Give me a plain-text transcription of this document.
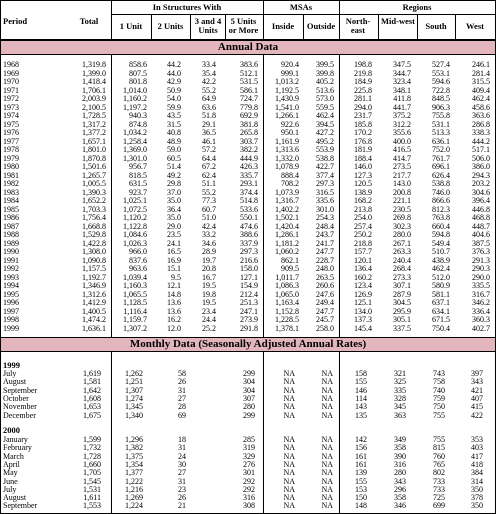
Period	Total
In Structures With
1 Unit	2 Units	3 and 4 Units
5 Units or More
MSAs
Inside	Outside
Regions
North-east
Mid-west	South	West
Annual Data
Monthly Data (Seasonally Adjusted Annual Rates)
1999
2000
1968	1,319.8	858.6	44.2	33.4	383.6	920.4	399.5	198.8	347.5	527.4	246.1
1969	1,399.0	807.5	44.0	35.4	512.1	999.1	399.8	219.8	344.7	553.1	281.4
1970	1,418.4	801.8	42.9	42.2	531.5	1,013.2	405.2	184.9	323.4	594.6	315.5
1971	1,706.1	1,014.0	50.9	55.2	586.1	1,192.5	513.6	225.8	348.1	722.8	409.4
1972	2,003.9	1,160.2	54.0	64.9	724.7	1,430.9	573.0	281.1	411.8	848.5	462.4
1973	2,100.5	1,197.2	59.9	63.6	779.8	1,541.0	559.5	294.0	441.7	906.3	458.6
1974	1,728.5	940.3	43.5	51.8	692.9	1,266.1	462.4	231.7	375.2	755.8	363.6
1975	1,317.2	874.8	31.5	29.1	381.8	922.6	394.5	185.8	312.2	531.1	286.8
1976	1,377.2	1,034.2	40.8	36.5	265.8	950.1	427.2	170.2	355.6	513.3	338.3
1977	1,657.1	1,258.4	48.9	46.1	303.7	1,161.9	495.2	176.8	400.0	636.1	444.2
1978	1,801.0	1,369.0	59.0	57.2	382.2	1,313.6	553.9	181.9	416.5	752.0	517.1
1979	1,870.8	1,301.0	60.5	64.4	444.9	1,332.0	538.8	188.4	414.7	761.7	506.0
1980	1,501.6	956.7	51.4	67.2	426.3	1,078.9	422.7	146.0	273.5	696.1	386.0
1981	1,265.7	818.5	49.2	62.4	335.7	888.4	377.4	127.3	217.7	626.4	294.3
1982	1,005.5	631.5	29.8	51.1	293.1	708.2	297.3	120.5	143.0	538.8	203.2
1983	1,390.3	923.7	37.0	55.2	374.4	1,073.9	316.5	138.9	200.8	746.0	304.6
1984	1,652.2	1,025.1	35.0	77.3	514.8	1,316.7	335.6	168.2	221.1	866.6	396.4
1985	1,703.3	1,072.5	36.4	60.7	533.6	1,402.2	301.0	213.8	230.5	812.3	446.8
1986	1,756.4	1,120.2	35.0	51.0	550.1	1,502.1	254.3	254.0	269.8	763.8	468.8
1987	1,668.8	1,122.8	29.0	42.4	474.6	1,420.4	248.4	257.4	302.3	660.4	448.7
1988	1,529.8	1,084.6	23.5	33.2	388.6	1,286.1	243.7	250.2	280.0	594.8	404.6
1989	1,422.8	1,026.3	24.1	34.6	337.9	1,181.2	241.7	218.8	267.1	549.4	387.5
1990	1,308.0	966.0	16.5	28.9	297.3	1,060.2	247.7	157.7	263.3	510.7	376.3
1991	1,090.8	837.6	16.9	19.7	216.6	862.1	228.7	120.1	240.4	438.9	291.3
1992	1,157.5	963.6	15.1	20.8	158.0	909.5	248.0	136.4	268.4	462.4	290.3
1993	1,192.7	1,039.4	9.5	16.7	127.1	1,011.7	263.5	160.2	273.3	512.0	290.0
1994	1,346.9	1,160.3	12.1	19.5	154.9	1,086.3	260.6	123.4	307.1	580.9	335.5
1995	1,312.6	1,065.5	14.8	19.8	212.4	1,065.0	247.6	126.9	287.9	581.1	316.7
1996	1,412.9	1,128.5	13.6	19.5	251.3	1,163.4	249.4	125.1	304.5	637.1	346.2
1997	1,400.5	1,116.4	13.6	23.4	247.1	1,152.8	247.7	134.0	295.9	634.1	336.4
1998	1,474.2	1,159.7	16.2	24.4	273.9	1,228.5	245.7	137.3	305.1	671.5	360.3
1999	1,636.1	1,307.2	12.0	25.2	291.8	1,378.1	258.0	145.4	337.5	750.4	402.7
July	1,619	1,262	58	299	NA	NA	158	321	743	397
August	1,581	1,251	26	304	NA	NA	155	325	758	343
September	1,642	1,307	31	304	NA	NA	146	335	740	421
October	1,608	1,274	27	307	NA	NA	114	328	759	407
November	1,653	1,345	28	280	NA	NA	143	345	750	415
December	1,675	1,340	69	299	NA	NA	135	363	755	422
January	1,599	1,296	18	285	NA	NA	142	349	755	353
February	1,732	1,382	31	319	NA	NA	156	358	815	403
March	1,728	1,375	24	329	NA	NA	161	390	760	417
April	1,660	1,354	30	276	NA	NA	161	316	765	418
May	1,705	1,377	27	301	NA	NA	139	280	802	384
June	1,545	1,222	31	292	NA	NA	155	343	733	314
July	1,531	1,216	23	292	NA	NA	153	296	733	350
August	1,611	1,269	26	316	NA	NA	150	358	725	378
September	1,553	1,224	21	308	NA	NA	148	346	699	350
